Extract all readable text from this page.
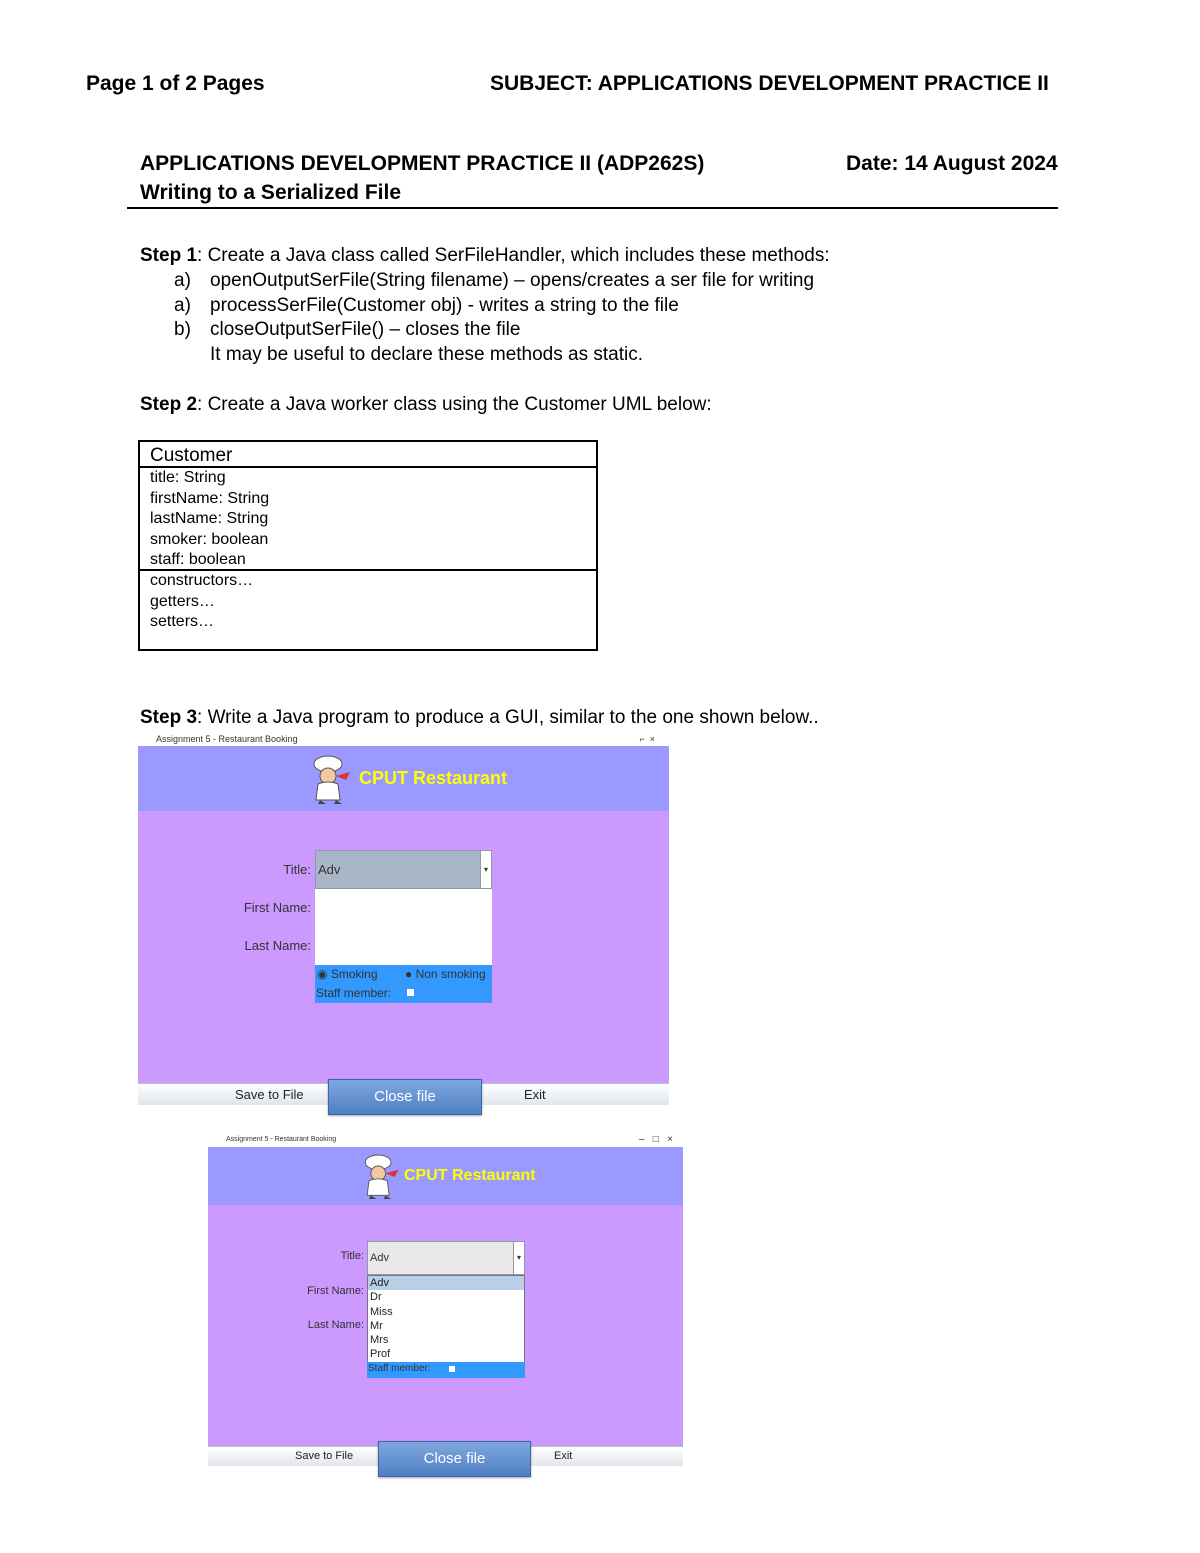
Page 1 of 2 Pages	SUBJECT: APPLICATIONS DEVELOPMENT PRACTICE II
APPLICATIONS DEVELOPMENT PRACTICE II (ADP262S)	Date: 14 August 2024
Writing to a Serialized File
Step 1: Create a Java class called SerFileHandler, which includes these methods:
a) openOutputSerFile(String filename) – opens/creates a ser file for writing
a) processSerFile(Customer obj) - writes a string to the file
b) closeOutputSerFile() – closes the file
It may be useful to declare these methods as static.
Step 2: Create a Java worker class using the Customer UML below:
Customer
title: String
firstName: String
lastName: String
smoker: boolean
staff: boolean
constructors…
getters…
setters…
Step 3: Write a Java program to produce a GUI, similar to the one shown below..
Assignment 5 - Restaurant Booking	⌐  ×
CPUT Restaurant
Title: Adv	▾
First Name:
Last Name:
◉ Smoking ● Non smoking
Staff member:
Save to File	Exit
Close file
Assignment 5 - Restaurant Booking	–   □   ×
CPUT Restaurant
Title: Adv	▾
First Name:
Last Name:
Adv
Dr
Miss
Mr
Mrs
Prof
Staff member:
Save to File	Exit
Close file
